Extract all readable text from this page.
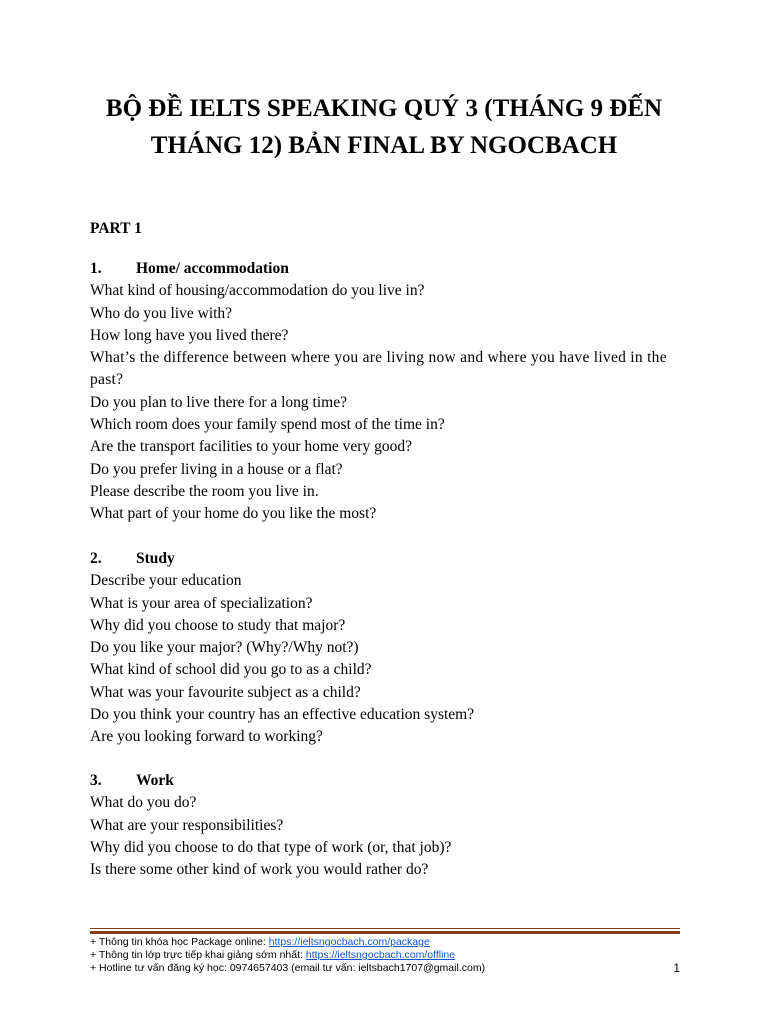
BỘ ĐỀ IELTS SPEAKING QUÝ 3 (THÁNG 9 ĐẾN
THÁNG 12) BẢN FINAL BY NGOCBACH
PART 1
1. Home/ accommodation
What kind of housing/accommodation do you live in?
Who do you live with?
How long have you lived there?
What’s the difference between where you are living now and where you have lived in the past?
Do you plan to live there for a long time?
Which room does your family spend most of the time in?
Are the transport facilities to your home very good?
Do you prefer living in a house or a flat?
Please describe the room you live in.
What part of your home do you like the most?
2. Study
Describe your education
What is your area of specialization?
Why did you choose to study that major?
Do you like your major? (Why?/Why not?)
What kind of school did you go to as a child?
What was your favourite subject as a child?
Do you think your country has an effective education system?
Are you looking forward to working?
3. Work
What do you do?
What are your responsibilities?
Why did you choose to do that type of work (or, that job)?
Is there some other kind of work you would rather do?
+ Thông tin khóa học Package online: https://ieltsngocbach.com/package
+ Thông tin lớp trực tiếp khai giảng sớm nhất: https://ieltsngocbach.com/offline
+ Hotline tư vấn đăng ký học: 0974657403 (email tư vấn: ieltsbach1707@gmail.com)	1
